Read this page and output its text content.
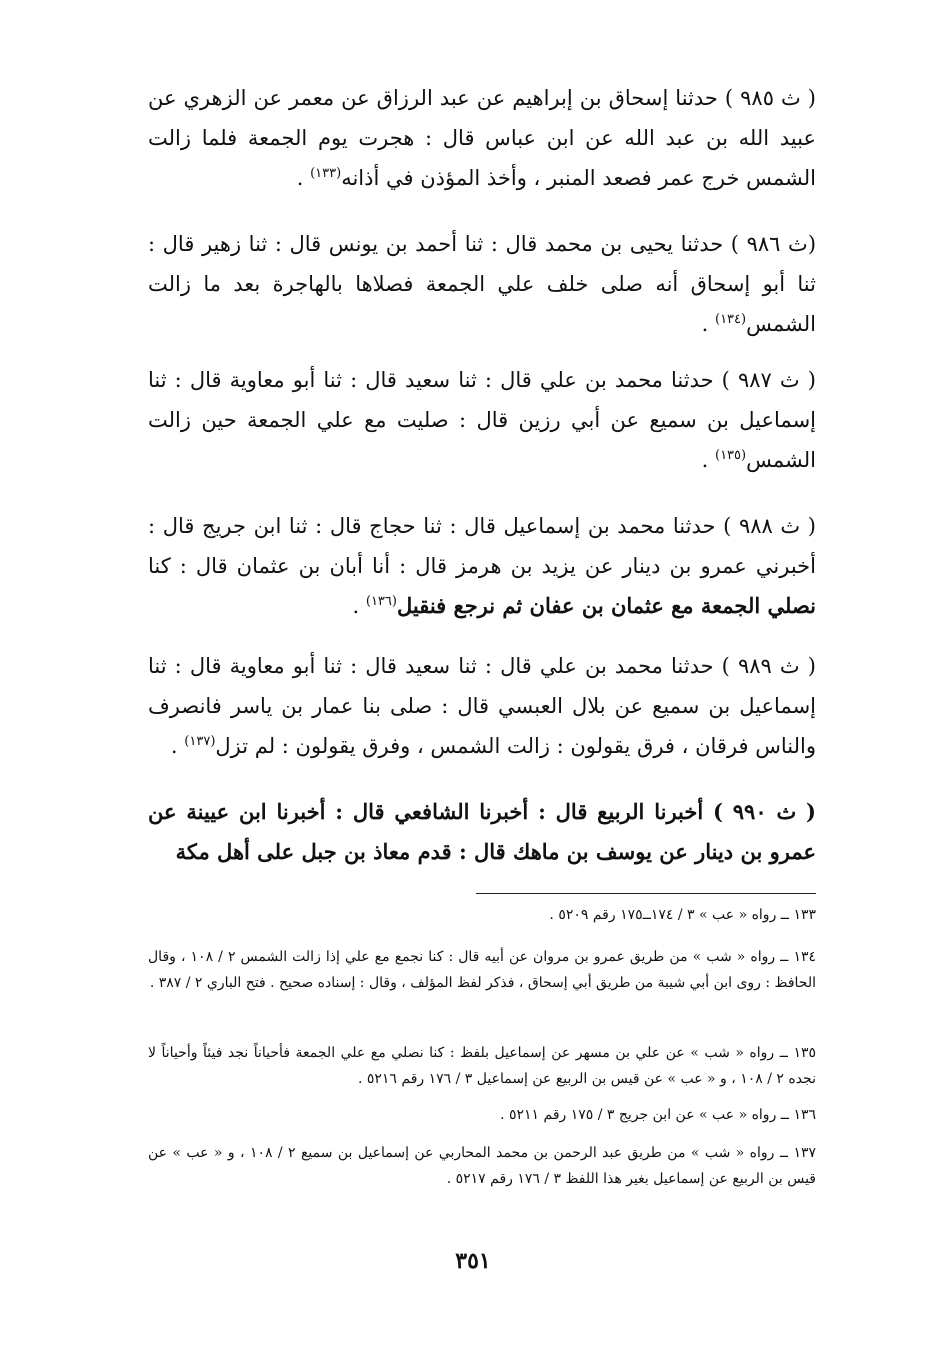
( ث ٩٨٥ ) حدثنا إسحاق بن إبراهيم عن عبد الرزاق عن معمر عن الزهري عن عبيد الله بن عبد الله عن ابن عباس قال : هجرت يوم الجمعة فلما زالت الشمس خرج عمر فصعد المنبر ، وأخذ المؤذن في أذانه$^{(١٣٣)}$ .

(ث ٩٨٦ ) حدثنا يحيى بن محمد قال : ثنا أحمد بن يونس قال : ثنا زهير قال : ثنا أبو إسحاق أنه صلى خلف علي الجمعة فصلاها بالهاجرة بعد ما زالت الشمس$^{(١٣٤)}$ .

( ث ٩٨٧ ) حدثنا محمد بن علي قال : ثنا سعيد قال : ثنا أبو معاوية قال : ثنا إسماعيل بن سميع عن أبي رزين قال : صليت مع علي الجمعة حين زالت الشمس$^{(١٣٥)}$ .

( ث ٩٨٨ ) حدثنا محمد بن إسماعيل قال : ثنا حجاج قال : ثنا ابن جريج قال : أخبرني عمرو بن دينار عن يزيد بن هرمز قال : أنا أبان بن عثمان قال : كنا نصلي الجمعة مع عثمان بن عفان ثم نرجع فنقيل$^{(١٣٦)}$ .

( ث ٩٨٩ ) حدثنا محمد بن علي قال : ثنا سعيد قال : ثنا أبو معاوية قال : ثنا إسماعيل بن سميع عن بلال العبسي قال : صلى بنا عمار بن ياسر فانصرف والناس فرقان ، فرق يقولون : زالت الشمس ، وفرق يقولون : لم تزل$^{(١٣٧)}$ .

( ث ٩٩٠ ) أخبرنا الربيع قال : أخبرنا الشافعي قال : أخبرنا ابن عيينة عن عمرو بن دينار عن يوسف بن ماهك قال : قدم معاذ بن جبل على أهل مكة

١٣٣ ــ رواه « عب » ٣ / ١٧٤ــ١٧٥ رقم ٥٢٠٩ .

١٣٤ ــ رواه « شب » من طريق عمرو بن مروان عن أبيه قال : كنا نجمع مع علي إذا زالت الشمس ٢ / ١٠٨ ، وقال الحافظ : روى ابن أبي شيبة من طريق أبي إسحاق ، فذكر لفظ المؤلف ، وقال : إسناده صحيح . فتح الباري ٢ / ٣٨٧ .

١٣٥ ــ رواه « شب » عن علي بن مسهر عن إسماعيل بلفظ : كنا نصلي مع علي الجمعة فأحياناً نجد فيئاً وأحياناً لا نجده ٢ / ١٠٨ ، و « عب » عن قيس بن الربيع عن إسماعيل ٣ / ١٧٦ رقم ٥٢١٦ .

١٣٦ ــ رواه « عب » عن ابن جريج ٣ / ١٧٥ رقم ٥٢١١ .

١٣٧ ــ رواه « شب » من طريق عبد الرحمن بن محمد المحاربي عن إسماعيل بن سميع ٢ / ١٠٨ ، و « عب » عن قيس بن الربيع عن إسماعيل بغير هذا اللفظ ٣ / ١٧٦ رقم ٥٢١٧ .

٣٥١
